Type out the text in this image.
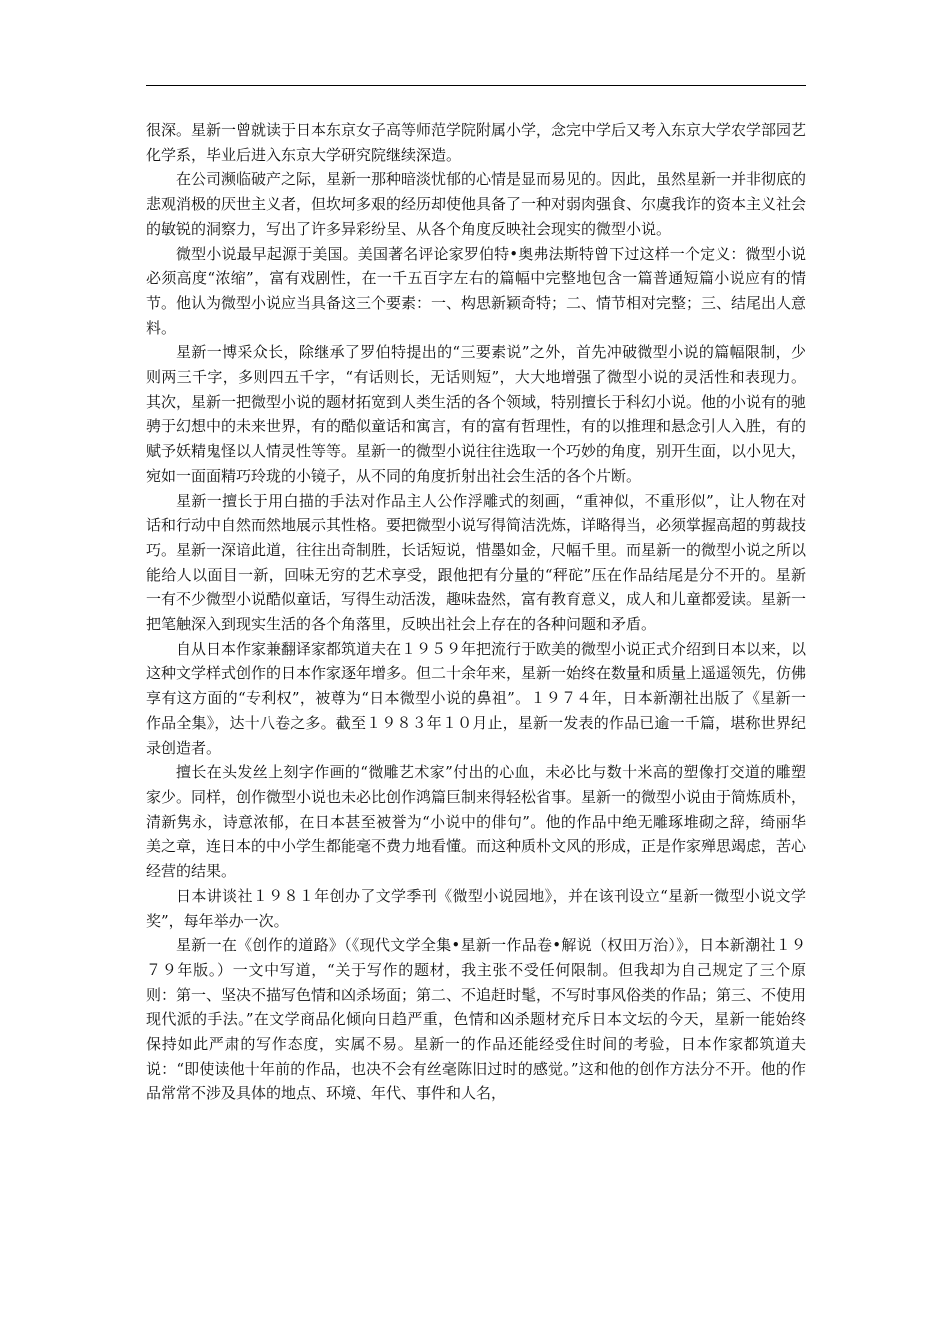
很深。星新一曾就读于日本东京女子高等师范学院附属小学，念完中学后又考入东京大学农学部园艺化学系，毕业后进入东京大学研究院继续深造。

在公司濒临破产之际，星新一那种暗淡忧郁的心情是显而易见的。因此，虽然星新一并非彻底的悲观消极的厌世主义者，但坎坷多艰的经历却使他具备了一种对弱肉强食、尔虞我诈的资本主义社会的敏锐的洞察力，写出了许多异彩纷呈、从各个角度反映社会现实的微型小说。

微型小说最早起源于美国。美国著名评论家罗伯特•奥弗法斯特曾下过这样一个定义：微型小说必须高度“浓缩”，富有戏剧性，在一千五百字左右的篇幅中完整地包含一篇普通短篇小说应有的情节。他认为微型小说应当具备这三个要素：一、构思新颖奇特；二、情节相对完整；三、结尾出人意料。

星新一博采众长，除继承了罗伯特提出的“三要素说”之外，首先冲破微型小说的篇幅限制，少则两三千字，多则四五千字，“有话则长，无话则短”，大大地增强了微型小说的灵活性和表现力。其次，星新一把微型小说的题材拓宽到人类生活的各个领域，特别擅长于科幻小说。他的小说有的驰骋于幻想中的未来世界，有的酷似童话和寓言，有的富有哲理性，有的以推理和悬念引人入胜，有的赋予妖精鬼怪以人情灵性等等。星新一的微型小说往往选取一个巧妙的角度，别开生面，以小见大，宛如一面面精巧玲珑的小镜子，从不同的角度折射出社会生活的各个片断。

星新一擅长于用白描的手法对作品主人公作浮雕式的刻画，“重神似，不重形似”，让人物在对话和行动中自然而然地展示其性格。要把微型小说写得简洁洗炼，详略得当，必须掌握高超的剪裁技巧。星新一深谙此道，往往出奇制胜，长话短说，惜墨如金，尺幅千里。而星新一的微型小说之所以能给人以面目一新，回味无穷的艺术享受，跟他把有分量的“秤砣”压在作品结尾是分不开的。星新一有不少微型小说酷似童话，写得生动活泼，趣味盎然，富有教育意义，成人和儿童都爱读。星新一把笔触深入到现实生活的各个角落里，反映出社会上存在的各种问题和矛盾。

自从日本作家兼翻译家都筑道夫在１９５９年把流行于欧美的微型小说正式介绍到日本以来，以这种文学样式创作的日本作家逐年增多。但二十余年来，星新一始终在数量和质量上遥遥领先，仿佛享有这方面的“专利权”，被尊为“日本微型小说的鼻祖”。１９７４年，日本新潮社出版了《星新一作品全集》，达十八卷之多。截至１９８３年１０月止，星新一发表的作品已逾一千篇，堪称世界纪录创造者。

擅长在头发丝上刻字作画的“微雕艺术家”付出的心血，未必比与数十米高的塑像打交道的雕塑家少。同样，创作微型小说也未必比创作鸿篇巨制来得轻松省事。星新一的微型小说由于简炼质朴，清新隽永，诗意浓郁，在日本甚至被誉为“小说中的俳句”。他的作品中绝无雕琢堆砌之辞，绮丽华美之章，连日本的中小学生都能毫不费力地看懂。而这种质朴文风的形成，正是作家殚思竭虑，苦心经营的结果。

日本讲谈社１９８１年创办了文学季刊《微型小说园地》，并在该刊设立“星新一微型小说文学奖”，每年举办一次。

星新一在《创作的道路》（《现代文学全集•星新一作品卷•解说（权田万治）》，日本新潮社１９７９年版。）一文中写道，“关于写作的题材，我主张不受任何限制。但我却为自己规定了三个原则：第一、坚决不描写色情和凶杀场面；第二、不追赶时髦，不写时事风俗类的作品；第三、不使用现代派的手法。”在文学商品化倾向日趋严重，色情和凶杀题材充斥日本文坛的今天，星新一能始终保持如此严肃的写作态度，实属不易。星新一的作品还能经受住时间的考验，日本作家都筑道夫说：“即使读他十年前的作品，也决不会有丝毫陈旧过时的感觉。”这和他的创作方法分不开。他的作品常常不涉及具体的地点、环境、年代、事件和人名，
